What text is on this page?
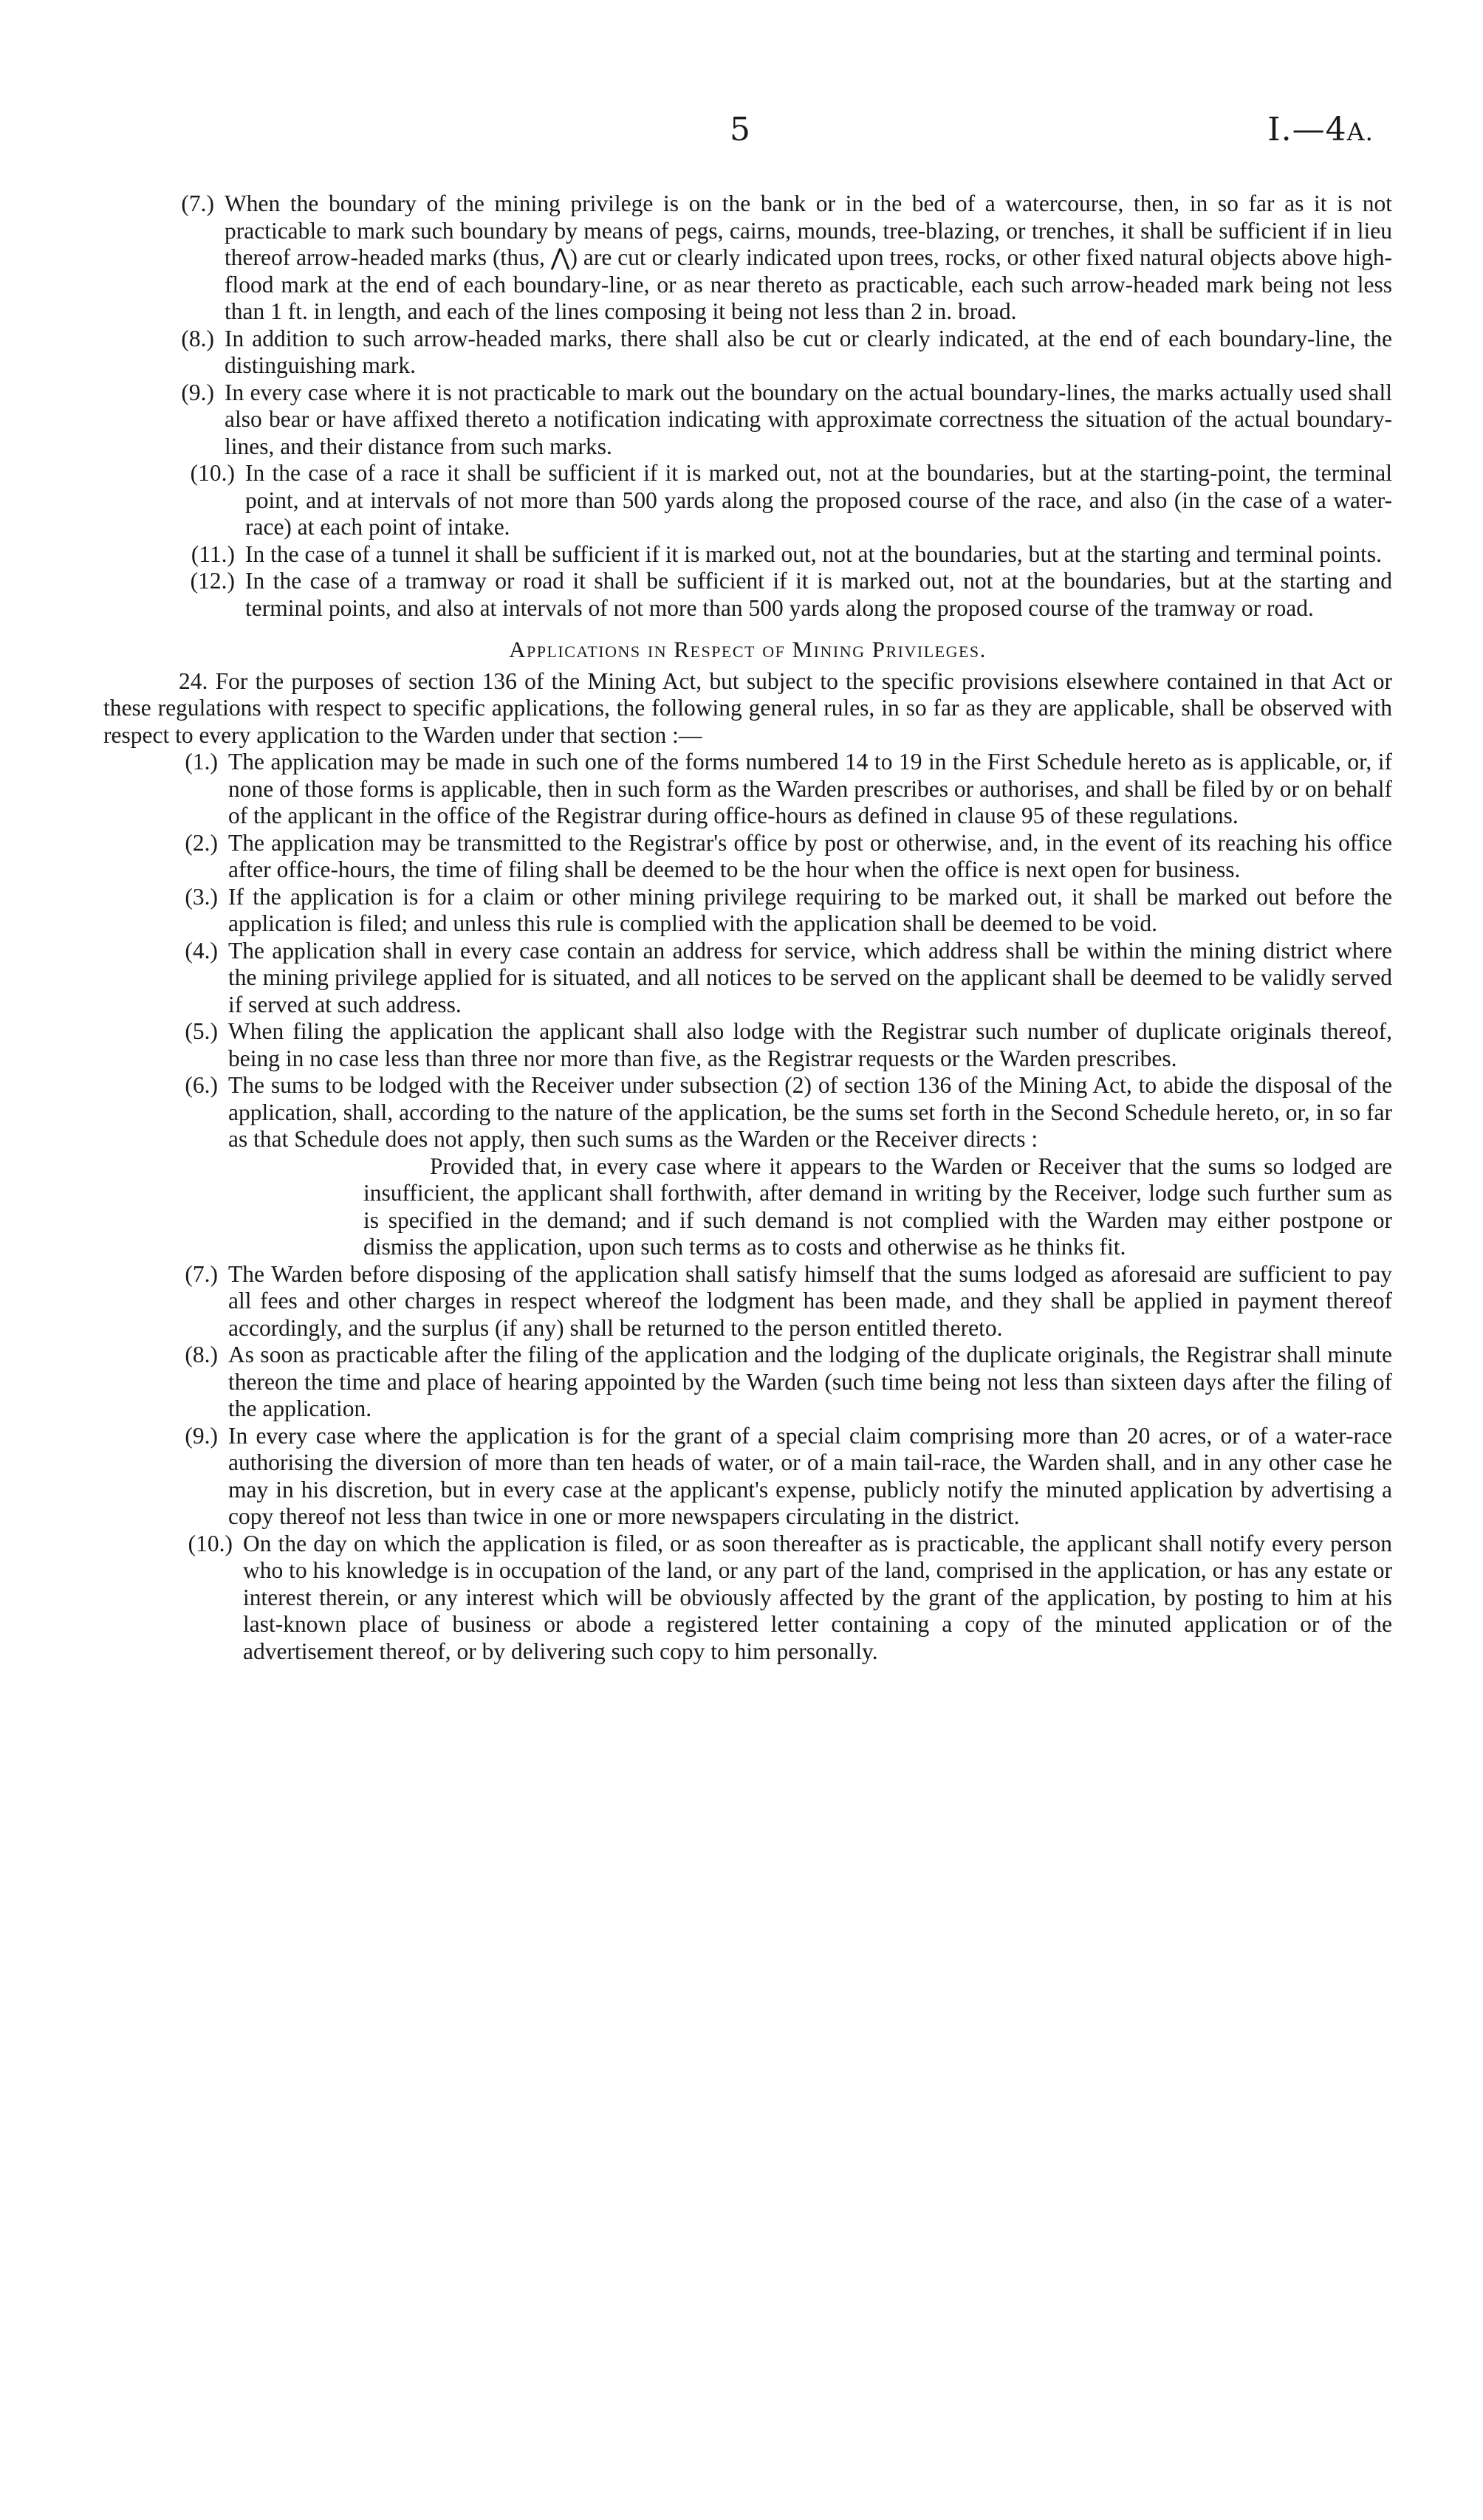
5	I.—4A.
(7.) When the boundary of the mining privilege is on the bank or in the bed of a watercourse, then, in so far as it is not practicable to mark such boundary by means of pegs, cairns, mounds, tree-blazing, or trenches, it shall be sufficient if in lieu thereof arrow-headed marks (thus, ⋀) are cut or clearly indicated upon trees, rocks, or other fixed natural objects above high-flood mark at the end of each boundary-line, or as near thereto as practicable, each such arrow-headed mark being not less than 1 ft. in length, and each of the lines composing it being not less than 2 in. broad.
(8.) In addition to such arrow-headed marks, there shall also be cut or clearly indicated, at the end of each boundary-line, the distinguishing mark.
(9.) In every case where it is not practicable to mark out the boundary on the actual boundary-lines, the marks actually used shall also bear or have affixed thereto a notification indicating with approximate correctness the situation of the actual boundary-lines, and their distance from such marks.
(10.) In the case of a race it shall be sufficient if it is marked out, not at the boundaries, but at the starting-point, the terminal point, and at intervals of not more than 500 yards along the proposed course of the race, and also (in the case of a water-race) at each point of intake.
(11.) In the case of a tunnel it shall be sufficient if it is marked out, not at the boundaries, but at the starting and terminal points.
(12.) In the case of a tramway or road it shall be sufficient if it is marked out, not at the boundaries, but at the starting and terminal points, and also at intervals of not more than 500 yards along the proposed course of the tramway or road.
Applications in Respect of Mining Privileges.
24. For the purposes of section 136 of the Mining Act, but subject to the specific provisions elsewhere contained in that Act or these regulations with respect to specific applications, the following general rules, in so far as they are applicable, shall be observed with respect to every application to the Warden under that section :—
(1.) The application may be made in such one of the forms numbered 14 to 19 in the First Schedule hereto as is applicable, or, if none of those forms is applicable, then in such form as the Warden prescribes or authorises, and shall be filed by or on behalf of the applicant in the office of the Registrar during office-hours as defined in clause 95 of these regulations.
(2.) The application may be transmitted to the Registrar's office by post or otherwise, and, in the event of its reaching his office after office-hours, the time of filing shall be deemed to be the hour when the office is next open for business.
(3.) If the application is for a claim or other mining privilege requiring to be marked out, it shall be marked out before the application is filed; and unless this rule is complied with the application shall be deemed to be void.
(4.) The application shall in every case contain an address for service, which address shall be within the mining district where the mining privilege applied for is situated, and all notices to be served on the applicant shall be deemed to be validly served if served at such address.
(5.) When filing the application the applicant shall also lodge with the Registrar such number of duplicate originals thereof, being in no case less than three nor more than five, as the Registrar requests or the Warden prescribes.
(6.) The sums to be lodged with the Receiver under subsection (2) of section 136 of the Mining Act, to abide the disposal of the application, shall, according to the nature of the application, be the sums set forth in the Second Schedule hereto, or, in so far as that Schedule does not apply, then such sums as the Warden or the Receiver directs :
Provided that, in every case where it appears to the Warden or Receiver that the sums so lodged are insufficient, the applicant shall forthwith, after demand in writing by the Receiver, lodge such further sum as is specified in the demand; and if such demand is not complied with the Warden may either postpone or dismiss the application, upon such terms as to costs and otherwise as he thinks fit.
(7.) The Warden before disposing of the application shall satisfy himself that the sums lodged as aforesaid are sufficient to pay all fees and other charges in respect whereof the lodgment has been made, and they shall be applied in payment thereof accordingly, and the surplus (if any) shall be returned to the person entitled thereto.
(8.) As soon as practicable after the filing of the application and the lodging of the duplicate originals, the Registrar shall minute thereon the time and place of hearing appointed by the Warden (such time being not less than sixteen days after the filing of the application.
(9.) In every case where the application is for the grant of a special claim comprising more than 20 acres, or of a water-race authorising the diversion of more than ten heads of water, or of a main tail-race, the Warden shall, and in any other case he may in his discretion, but in every case at the applicant's expense, publicly notify the minuted application by advertising a copy thereof not less than twice in one or more newspapers circulating in the district.
(10.) On the day on which the application is filed, or as soon thereafter as is practicable, the applicant shall notify every person who to his knowledge is in occupation of the land, or any part of the land, comprised in the application, or has any estate or interest therein, or any interest which will be obviously affected by the grant of the application, by posting to him at his last-known place of business or abode a registered letter containing a copy of the minuted application or of the advertisement thereof, or by delivering such copy to him personally.
